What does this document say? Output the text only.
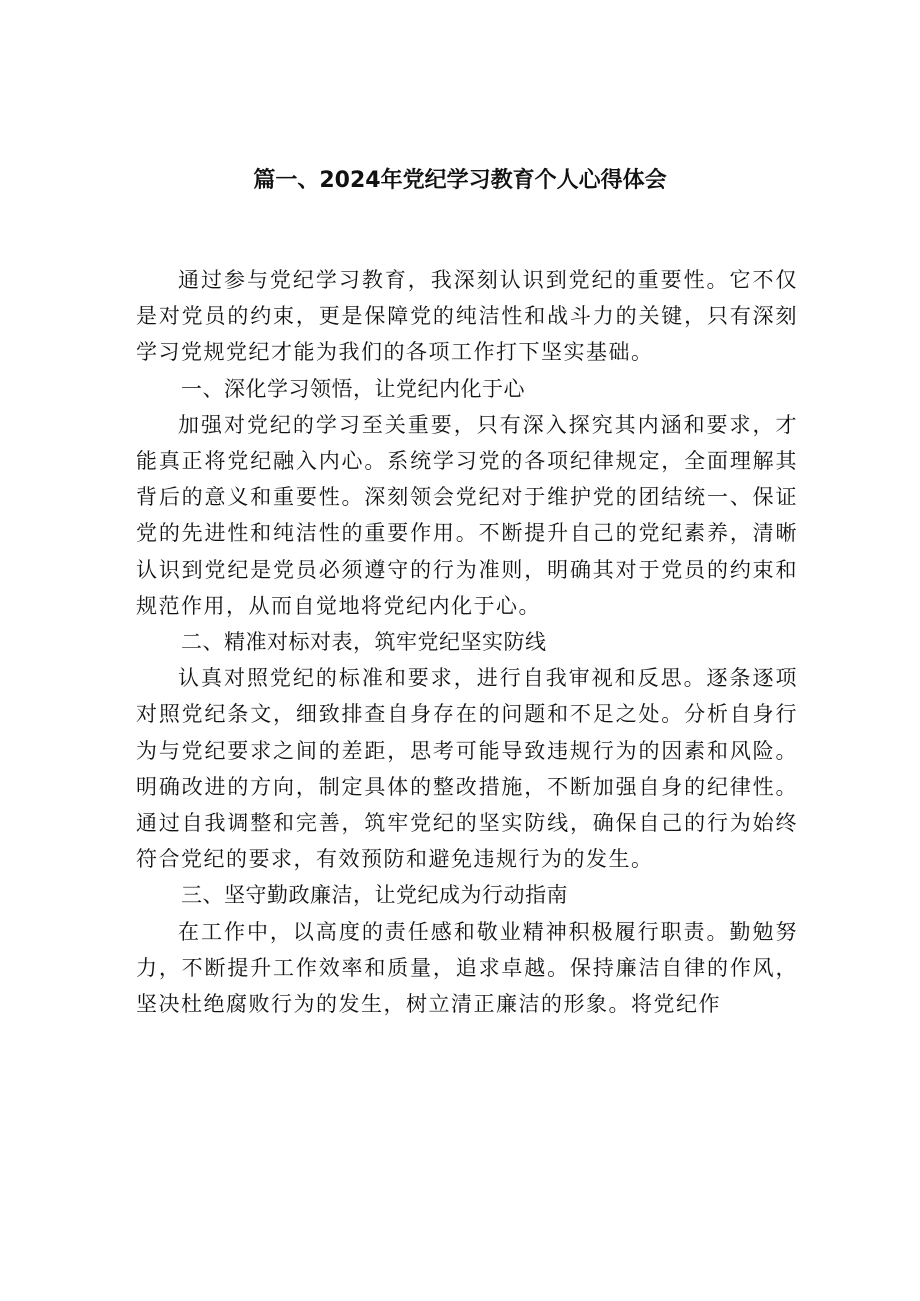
篇一、2024年党纪学习教育个人心得体会

通过参与党纪学习教育，我深刻认识到党纪的重要性。它不仅是对党员的约束，更是保障党的纯洁性和战斗力的关键，只有深刻学习党规党纪才能为我们的各项工作打下坚实基础。

一、深化学习领悟，让党纪内化于心

加强对党纪的学习至关重要，只有深入探究其内涵和要求，才能真正将党纪融入内心。系统学习党的各项纪律规定，全面理解其背后的意义和重要性。深刻领会党纪对于维护党的团结统一、保证党的先进性和纯洁性的重要作用。不断提升自己的党纪素养，清晰认识到党纪是党员必须遵守的行为准则，明确其对于党员的约束和规范作用，从而自觉地将党纪内化于心。

二、精准对标对表，筑牢党纪坚实防线

认真对照党纪的标准和要求，进行自我审视和反思。逐条逐项对照党纪条文，细致排查自身存在的问题和不足之处。分析自身行为与党纪要求之间的差距，思考可能导致违规行为的因素和风险。明确改进的方向，制定具体的整改措施，不断加强自身的纪律性。通过自我调整和完善，筑牢党纪的坚实防线，确保自己的行为始终符合党纪的要求，有效预防和避免违规行为的发生。

三、坚守勤政廉洁，让党纪成为行动指南

在工作中，以高度的责任感和敬业精神积极履行职责。勤勉努力，不断提升工作效率和质量，追求卓越。保持廉洁自律的作风，坚决杜绝腐败行为的发生，树立清正廉洁的形象。将党纪作
